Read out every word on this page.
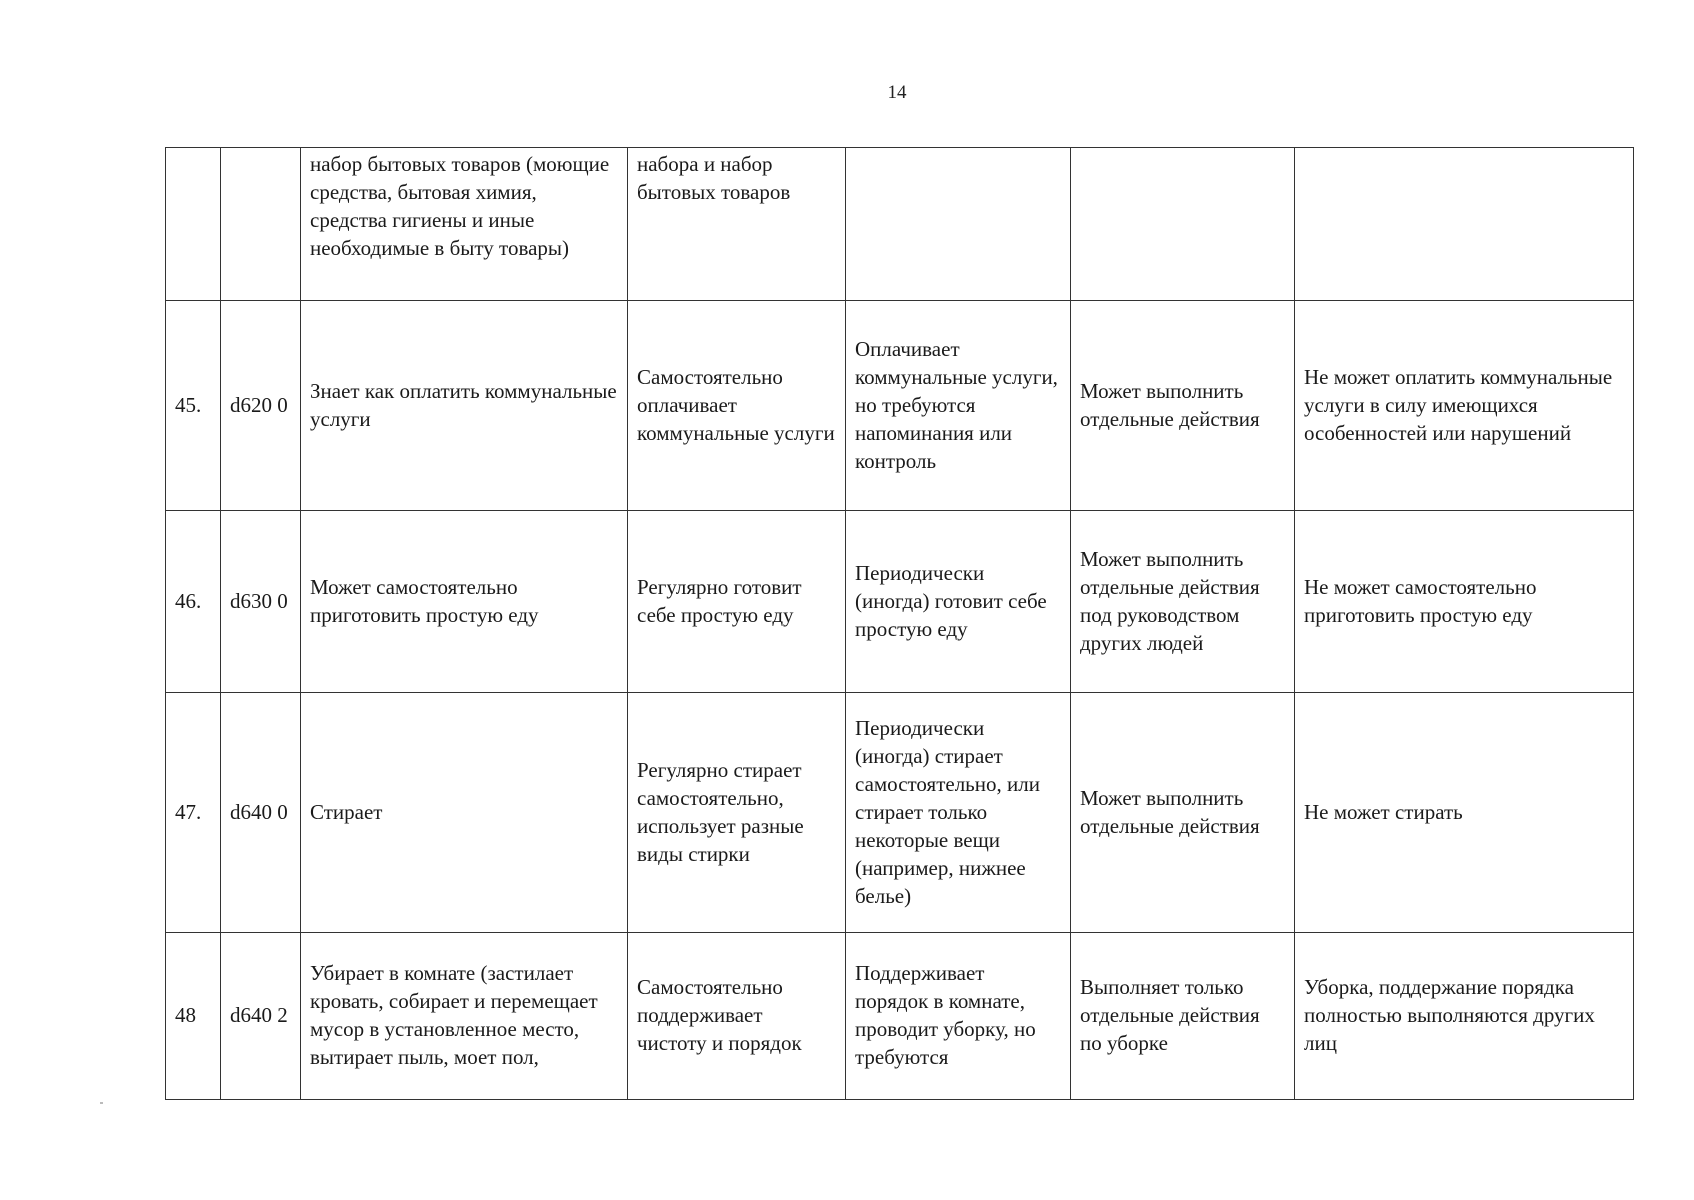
14
		набор бытовых товаров (моющие средства, бытовая химия, средства гигиены и иные необходимые в быту товары)	набора и набор бытовых товаров			
45.	d620 0	Знает как оплатить коммунальные услуги	Самостоятельно оплачивает коммунальные услуги	Оплачивает коммунальные услуги, но требуются напоминания или контроль	Может выполнить отдельные действия	Не может оплатить коммунальные услуги в силу имеющихся особенностей или нарушений
46.	d630 0	Может самостоятельно приготовить простую еду	Регулярно готовит себе простую еду	Периодически (иногда) готовит себе простую еду	Может выполнить отдельные действия под руководством других людей	Не может самостоятельно приготовить простую еду
47.	d640 0	Стирает	Регулярно стирает самостоятельно, использует разные виды стирки	Периодически (иногда) стирает самостоятельно, или стирает только некоторые вещи (например, нижнее белье)	Может выполнить отдельные действия	Не может стирать
48	d640 2	Убирает в комнате (застилает кровать, собирает и перемещает мусор в установленное место, вытирает пыль, моет пол,	Самостоятельно поддерживает чистоту и порядок	Поддерживает порядок в комнате, проводит уборку, но требуются	Выполняет только отдельные действия по уборке	Уборка, поддержание порядка полностью выполняются других лиц
